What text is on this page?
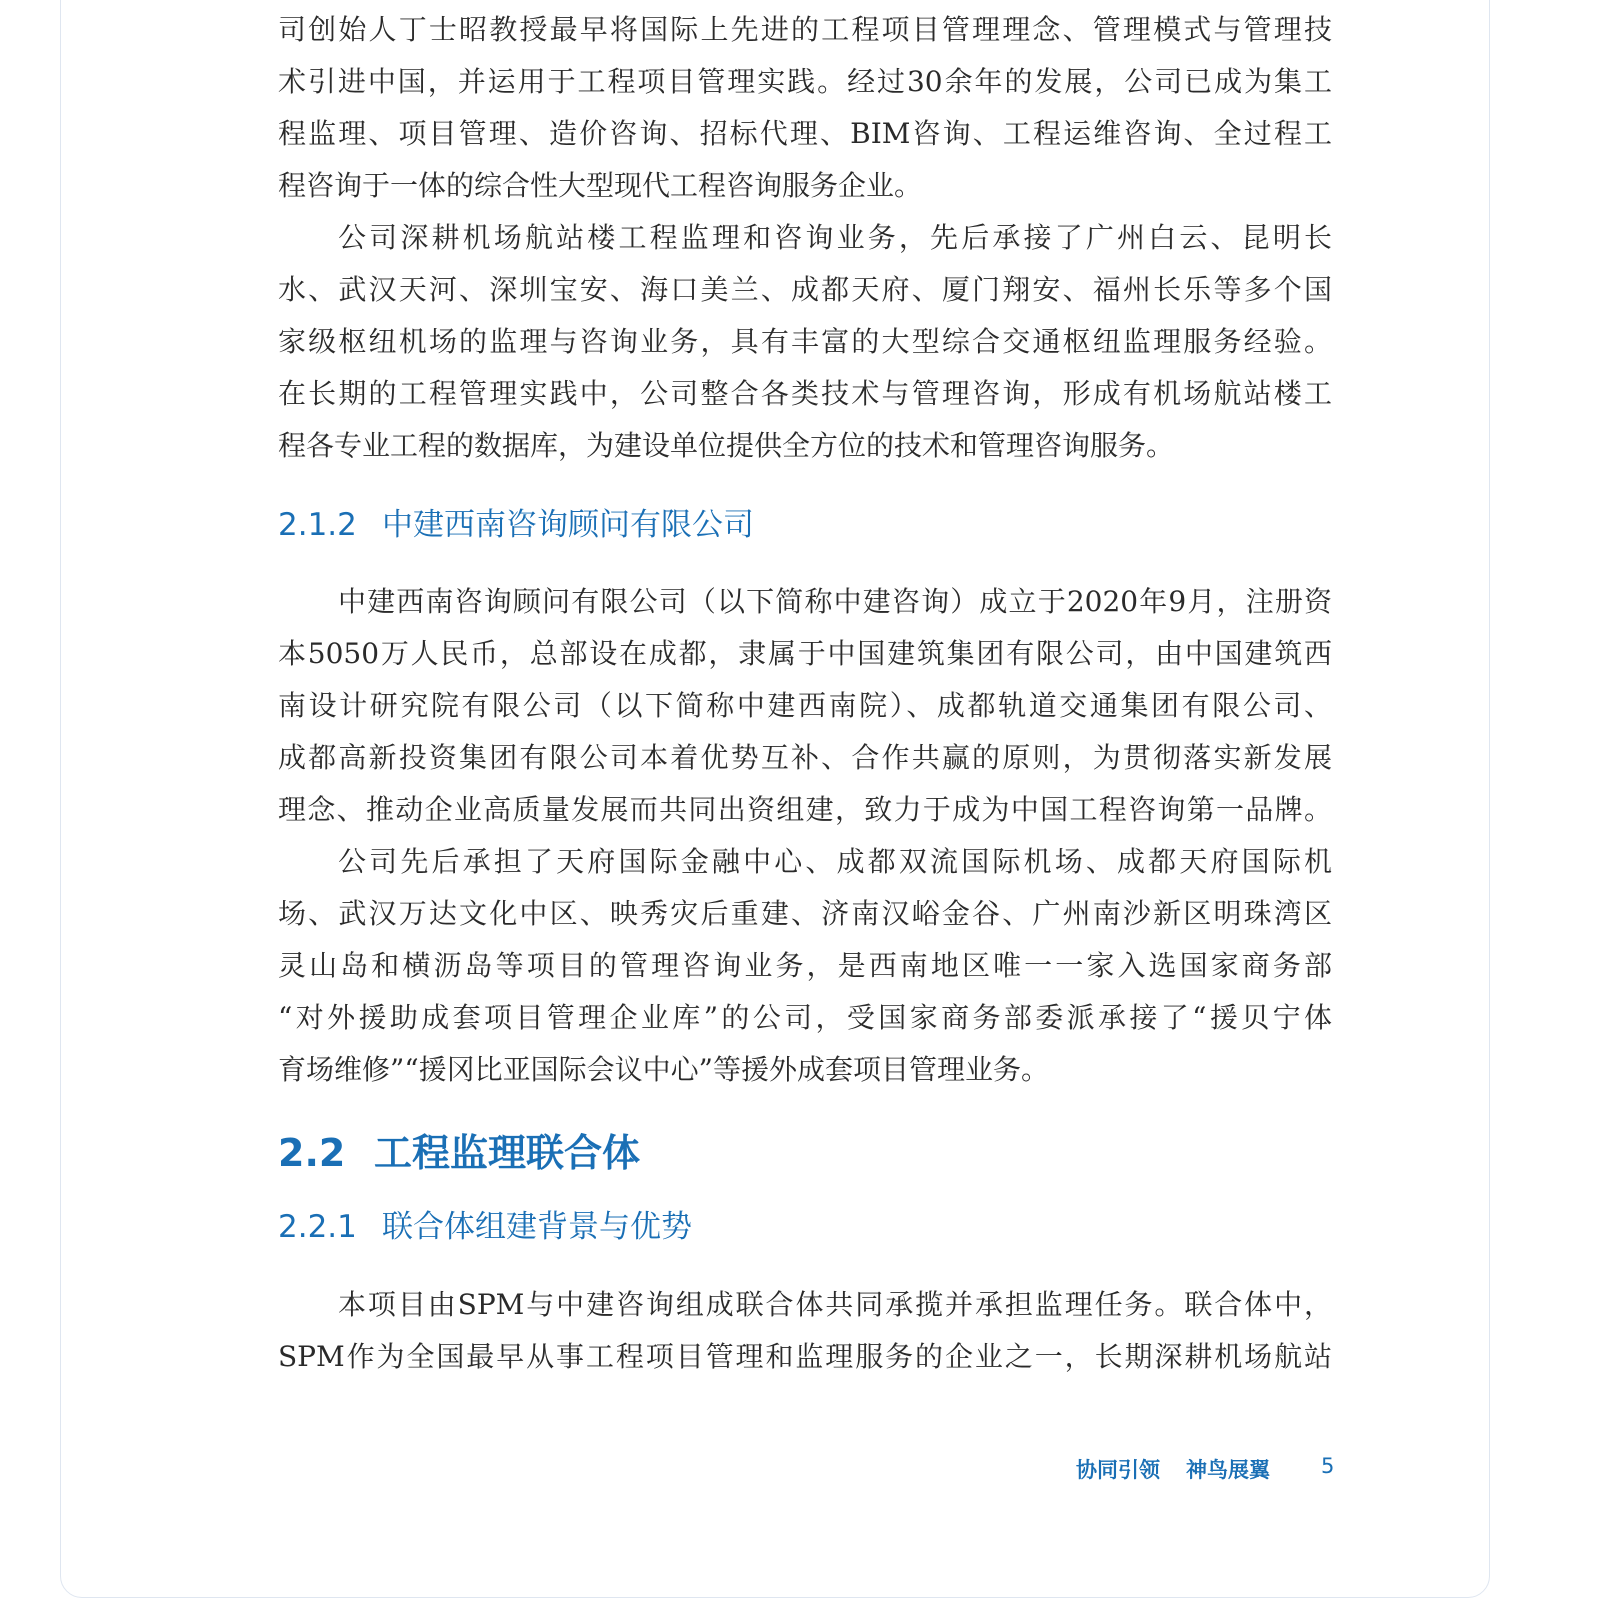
司创始人丁士昭教授最早将国际上先进的工程项目管理理念、管理模式与管理技
术引进中国，并运用于工程项目管理实践。经过30余年的发展，公司已成为集工
程监理、项目管理、造价咨询、招标代理、BIM咨询、工程运维咨询、全过程工
程咨询于一体的综合性大型现代工程咨询服务企业。
公司深耕机场航站楼工程监理和咨询业务，先后承接了广州白云、昆明长
水、武汉天河、深圳宝安、海口美兰、成都天府、厦门翔安、福州长乐等多个国
家级枢纽机场的监理与咨询业务，具有丰富的大型综合交通枢纽监理服务经验。
在长期的工程管理实践中，公司整合各类技术与管理咨询，形成有机场航站楼工
程各专业工程的数据库，为建设单位提供全方位的技术和管理咨询服务。
2.1.2 中建西南咨询顾问有限公司
中建西南咨询顾问有限公司（以下简称中建咨询）成立于2020年9月，注册资
本5050万人民币，总部设在成都，隶属于中国建筑集团有限公司，由中国建筑西
南设计研究院有限公司（以下简称中建西南院）、成都轨道交通集团有限公司、
成都高新投资集团有限公司本着优势互补、合作共赢的原则，为贯彻落实新发展
理念、推动企业高质量发展而共同出资组建，致力于成为中国工程咨询第一品牌。
公司先后承担了天府国际金融中心、成都双流国际机场、成都天府国际机
场、武汉万达文化中区、映秀灾后重建、济南汉峪金谷、广州南沙新区明珠湾区
灵山岛和横沥岛等项目的管理咨询业务，是西南地区唯一一家入选国家商务部
“对外援助成套项目管理企业库”的公司，受国家商务部委派承接了“援贝宁体
育场维修”“援冈比亚国际会议中心”等援外成套项目管理业务。
2.2 工程监理联合体
2.2.1 联合体组建背景与优势
本项目由SPM与中建咨询组成联合体共同承揽并承担监理任务。联合体中，
SPM作为全国最早从事工程项目管理和监理服务的企业之一，长期深耕机场航站
协同引领 神鸟展翼 5
